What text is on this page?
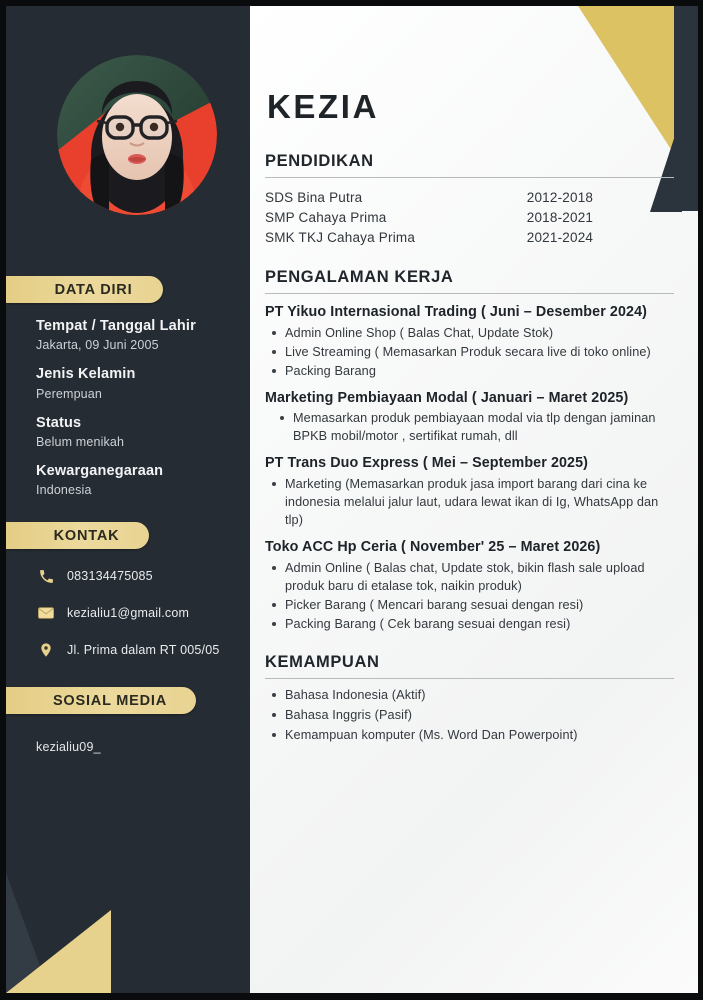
DATA DIRI
Tempat / Tanggal Lahir
Jakarta, 09 Juni 2005
Jenis Kelamin
Perempuan
Status
Belum menikah
Kewarganegaraan
Indonesia
KONTAK
083134475085
kezialiu1@gmail.com
Jl. Prima dalam RT 005/05
SOSIAL MEDIA
kezialiu09_
KEZIA
PENDIDIKAN
SDS Bina Putra	2012-2018
SMP Cahaya Prima	2018-2021
SMK TKJ Cahaya Prima	2021-2024
PENGALAMAN KERJA
PT Yikuo Internasional Trading ( Juni – Desember 2024)
Admin Online Shop ( Balas Chat, Update Stok)
Live Streaming ( Memasarkan Produk secara live di toko online)
Packing Barang
Marketing Pembiayaan Modal ( Januari – Maret 2025)
Memasarkan produk pembiayaan modal via tlp dengan jaminan BPKB mobil/motor , sertifikat rumah, dll
PT Trans Duo Express ( Mei – September 2025)
Marketing (Memasarkan produk jasa import barang dari cina ke indonesia melalui jalur laut, udara lewat ikan di Ig, WhatsApp dan tlp)
Toko ACC Hp Ceria ( November' 25 – Maret 2026)
Admin Online ( Balas chat, Update stok, bikin flash sale upload produk baru di etalase tok, naikin produk)
Picker Barang ( Mencari barang sesuai dengan resi)
Packing Barang ( Cek barang sesuai dengan resi)
KEMAMPUAN
Bahasa Indonesia (Aktif)
Bahasa Inggris (Pasif)
Kemampuan komputer (Ms. Word Dan Powerpoint)
